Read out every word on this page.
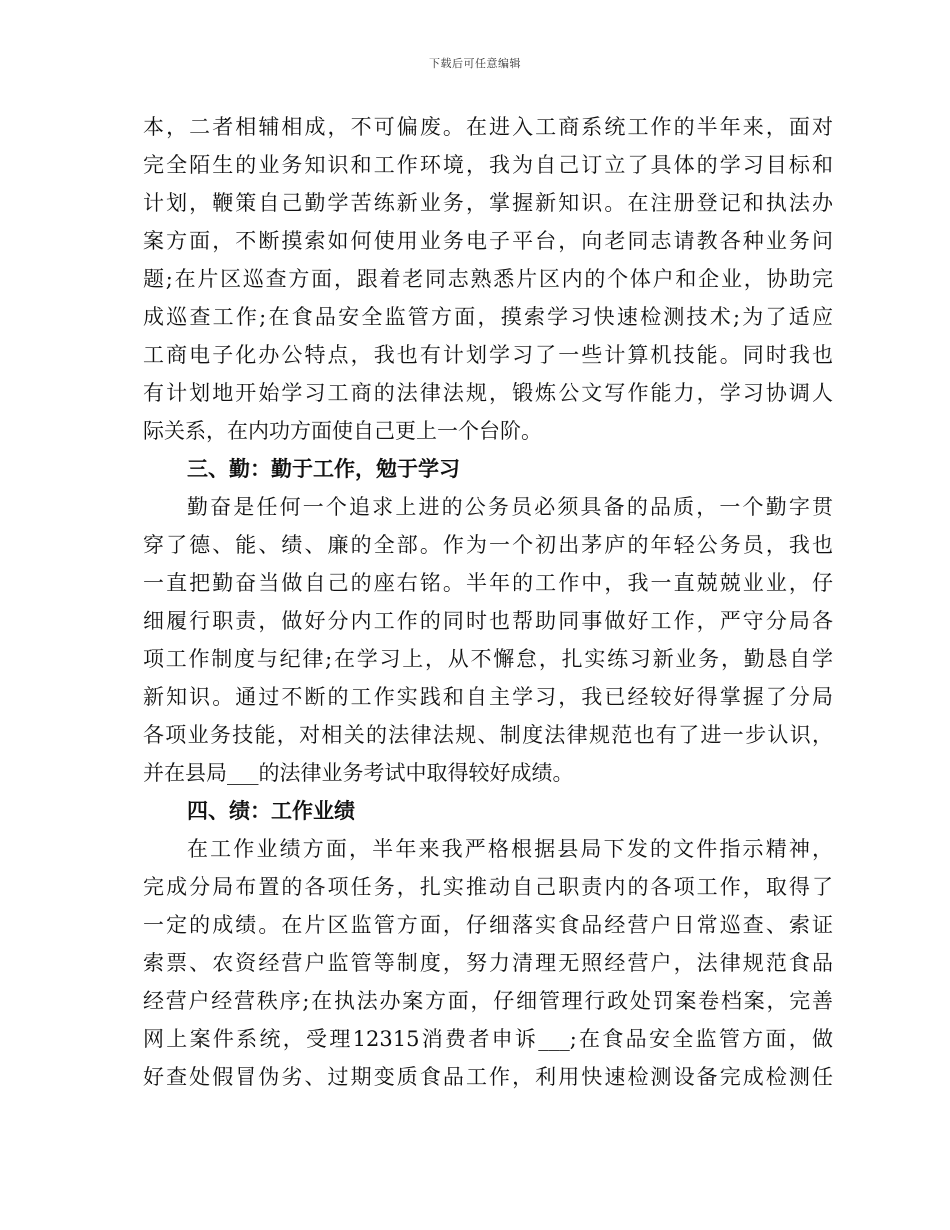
下载后可任意编辑
本，二者相辅相成，不可偏废。在进入工商系统工作的半年来，面对
完全陌生的业务知识和工作环境，我为自己订立了具体的学习目标和
计划，鞭策自己勤学苦练新业务，掌握新知识。在注册登记和执法办
案方面，不断摸索如何使用业务电子平台，向老同志请教各种业务问
题;在片区巡查方面，跟着老同志熟悉片区内的个体户和企业，协助完
成巡查工作;在食品安全监管方面，摸索学习快速检测技术;为了适应
工商电子化办公特点，我也有计划学习了一些计算机技能。同时我也
有计划地开始学习工商的法律法规，锻炼公文写作能力，学习协调人
际关系，在内功方面使自己更上一个台阶。
三、勤：勤于工作，勉于学习
勤奋是任何一个追求上进的公务员必须具备的品质，一个勤字贯
穿了德、能、绩、廉的全部。作为一个初出茅庐的年轻公务员，我也
一直把勤奋当做自己的座右铭。半年的工作中，我一直兢兢业业，仔
细履行职责，做好分内工作的同时也帮助同事做好工作，严守分局各
项工作制度与纪律;在学习上，从不懈怠，扎实练习新业务，勤恳自学
新知识。通过不断的工作实践和自主学习，我已经较好得掌握了分局
各项业务技能，对相关的法律法规、制度法律规范也有了进一步认识，
并在县局___的法律业务考试中取得较好成绩。
四、绩：工作业绩
在工作业绩方面，半年来我严格根据县局下发的文件指示精神，
完成分局布置的各项任务，扎实推动自己职责内的各项工作，取得了
一定的成绩。在片区监管方面，仔细落实食品经营户日常巡查、索证
索票、农资经营户监管等制度，努力清理无照经营户，法律规范食品
经营户经营秩序;在执法办案方面，仔细管理行政处罚案卷档案，完善
网上案件系统，受理12315消费者申诉___;在食品安全监管方面，做
好查处假冒伪劣、过期变质食品工作，利用快速检测设备完成检测任
